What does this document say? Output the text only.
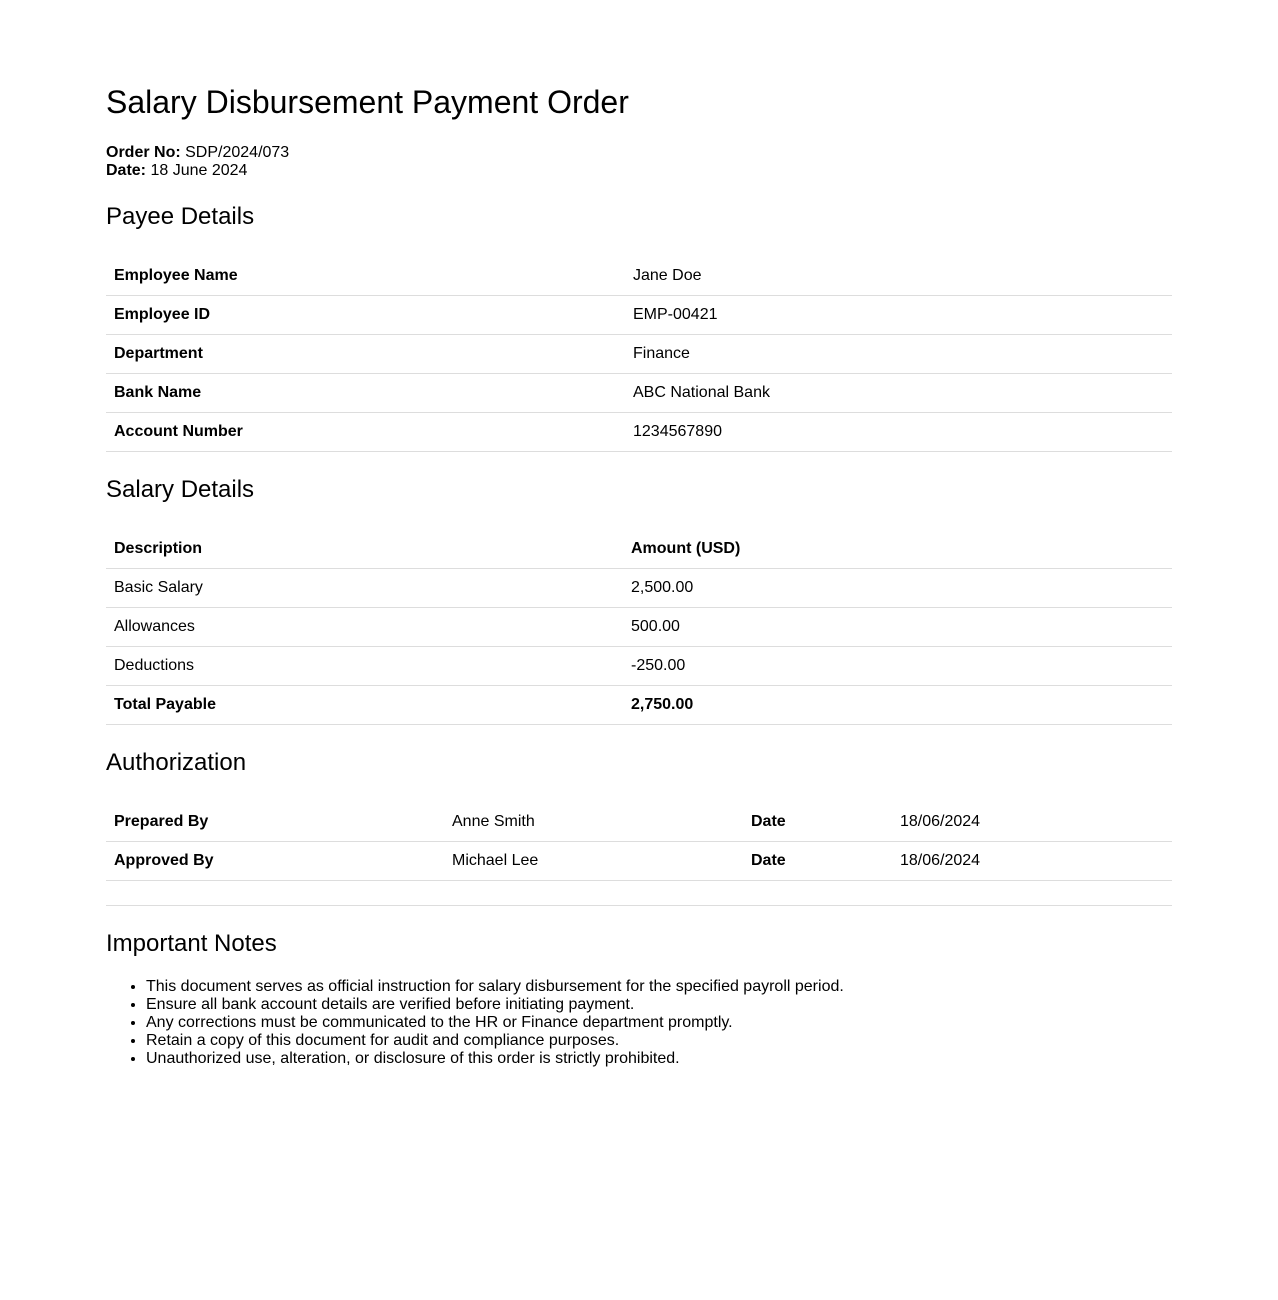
Salary Disbursement Payment Order
Order No: SDP/2024/073
Date: 18 June 2024
Payee Details
Employee Name	Jane Doe
Employee ID	EMP-00421
Department	Finance
Bank Name	ABC National Bank
Account Number	1234567890
Salary Details
Description	Amount (USD)
Basic Salary	2,500.00
Allowances	500.00
Deductions	-250.00
Total Payable	2,750.00
Authorization
Prepared By	Anne Smith	Date	18/06/2024
Approved By	Michael Lee	Date	18/06/2024
Important Notes
• This document serves as official instruction for salary disbursement for the specified payroll period.
• Ensure all bank account details are verified before initiating payment.
• Any corrections must be communicated to the HR or Finance department promptly.
• Retain a copy of this document for audit and compliance purposes.
• Unauthorized use, alteration, or disclosure of this order is strictly prohibited.
